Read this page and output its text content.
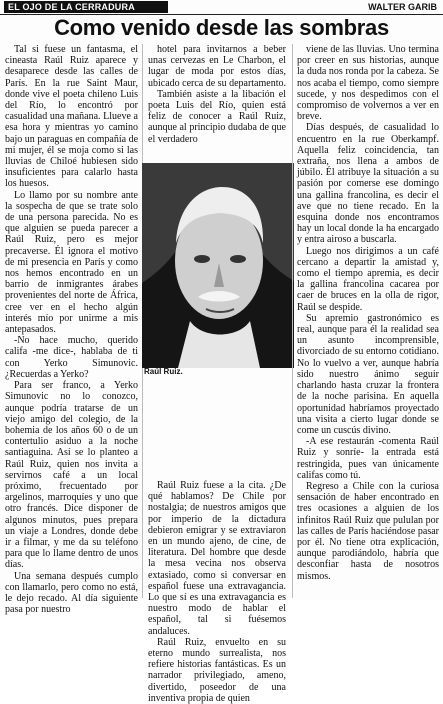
EL OJO DE LA CERRADURA	WALTER GARIB
Como venido desde las sombras

Tal si fuese un fantasma, el cineasta Raúl Ruiz aparece y desaparece desde las calles de París. En la rue Saint Maur, donde vive el poeta chileno Luis del Río, lo encontró por casualidad una mañana. Llueve a esa hora y mientras yo camino bajo un paraguas en compañía de mi mujer, él se moja como si las lluvias de Chiloé hubiesen sido insuficientes para calarlo hasta los huesos.

Lo llamo por su nombre ante la sospecha de que se trate solo de una persona parecida. No es que alguien se pueda parecer a Raúl Ruiz, pero es mejor precaverse. Él ignora el motivo de mi presencia en París y como nos hemos encontrado en un barrio de inmigrantes árabes provenientes del norte de África, cree ver en el hecho algún interés mío por unirme a mis antepasados.

-No hace mucho, querido califa -me dice-, hablaba de ti con Yerko Simunovic. ¿Recuerdas a Yerko?

Para ser franco, a Yerko Simunovic no lo conozco, aunque podría tratarse de un viejo amigo del colegio, de la bohemia de los años 60 o de un contertulio asiduo a la noche santiaguina. Así se lo planteo a Raúl Ruiz, quien nos invita a servirnos café a un local próximo, frecuentado por argelinos, marroquíes y uno que otro francés. Dice disponer de algunos minutos, pues prepara un viaje a Londres, donde debe ir a filmar, y me da su teléfono para que lo llame dentro de unos días.

Una semana después cumplo con llamarlo, pero como no está, le dejo recado. Al día siguiente pasa por nuestro

hotel para invitarnos a beber unas cervezas en Le Charbon, el lugar de moda por estos días, ubicado cerca de su departamento.

También asiste a la libación el poeta Luis del Río, quien está feliz de conocer a Raúl Ruiz, aunque al principio dudaba de que el verdadero

Raúl Ruiz.

Raúl Ruiz fuese a la cita. ¿De qué hablamos? De Chile por nostalgia; de nuestros amigos que por imperio de la dictadura debieron emigrar y se extraviaron en un mundo ajeno, de cine, de literatura. Del hombre que desde la mesa vecina nos observa extasiado, como si conversar en español fuese una extravagancia. Lo que sí es una extravagancia es nuestro modo de hablar el español, tal si fuésemos andaluces.

Raúl Ruiz, envuelto en su eterno mundo surrealista, nos refiere historias fantásticas. Es un narrador privilegiado, ameno, divertido, poseedor de una inventiva propia de quien

viene de las lluvias. Uno termina por creer en sus historias, aunque la duda nos ronda por la cabeza. Se nos acaba el tiempo, como siempre sucede, y nos despedimos con el compromiso de volvernos a ver en breve.

Días después, de casualidad lo encuentro en la rue Oberkampf. Aquella feliz coincidencia, tan extraña, nos llena a ambos de júbilo. Él atribuye la situación a su pasión por comerse ese domingo una gallina francolina, es decir el ave que no tiene recado. En la esquina donde nos encontramos hay un local donde la ha encargado y entra airoso a buscarla.

Luego nos dirigimos a un café cercano a departir la amistad y, como el tiempo apremia, es decir la gallina francolina cacarea por caer de bruces en la olla de rigor, Raúl se despide.

Su apremio gastronómico es real, aunque para él la realidad sea un asunto incomprensible, divorciado de su entorno cotidiano. No lo vuelvo a ver, aunque habría sido nuestro ánimo seguir charlando hasta cruzar la frontera de la noche parisina. En aquella oportunidad habríamos proyectado una visita a cierto lugar donde se come un cuscús divino.

-A ese restaurán -comenta Raúl Ruiz y sonríe- la entrada está restringida, pues van únicamente califas como tú.

Regreso a Chile con la curiosa sensación de haber encontrado en tres ocasiones a alguien de los infinitos Raúl Ruiz que pululan por las calles de París haciéndose pasar por él. No tiene otra explicación, aunque parodiándolo, habría que desconfiar hasta de nosotros mismos.
